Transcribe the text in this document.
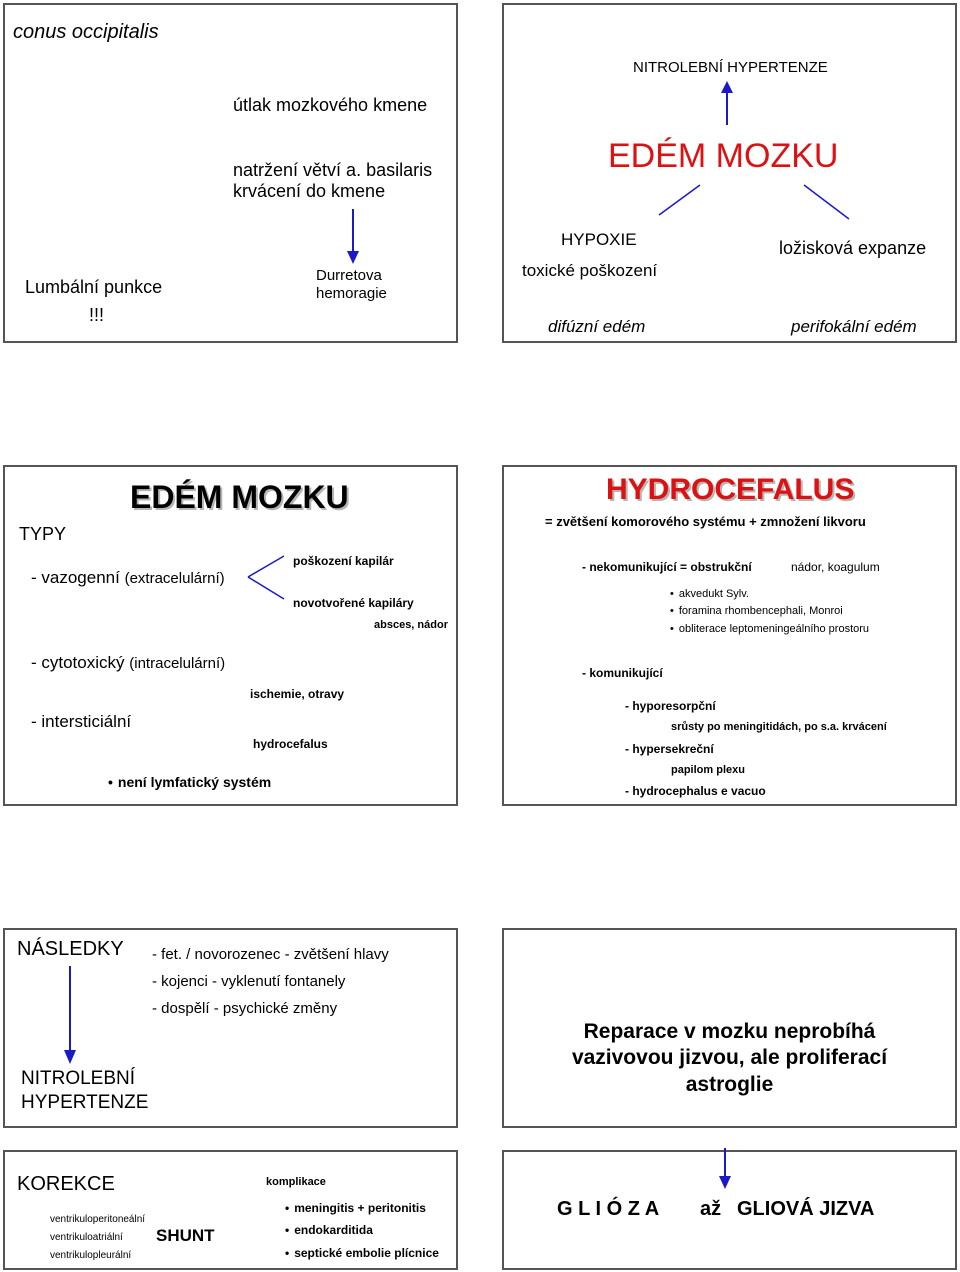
conus occipitalis
útlak mozkového kmene
natržení větví a. basilaris
krvácení do kmene
Lumbální punkce
!!!
Durretova
hemoragie
NITROLEBNÍ HYPERTENZE
EDÉM MOZKU
HYPOXIE
toxické poškození
ložisková expanze
difúzní edém	perifokální edém
EDÉM MOZKU
TYPY
- vazogenní (extracelulární)
poškození kapilár
novotvořené kapiláry
absces, nádor
- cytotoxický (intracelulární)
ischemie, otravy
- intersticiální
hydrocefalus
• není lymfatický systém
HYDROCEFALUS
= zvětšení komorového systému + zmnožení likvoru
- nekomunikující = obstrukční	nádor, koagulum
• akvedukt Sylv.
• foramina rhombencephali, Monroi
• obliterace leptomeningeálního prostoru
- komunikující
- hyporesorpční
srůsty po meningitidách, po s.a. krvácení
- hypersekreční
papilom plexu
- hydrocephalus e vacuo
NÁSLEDKY - fet. / novorozenec - zvětšení hlavy
- kojenci - vyklenutí fontanely
- dospělí - psychické změny
NITROLEBNÍ
HYPERTENZE
Reparace v mozku neprobíhá
vazivovou jizvou, ale proliferací
astroglie
KOREKCE
ventrikuloperitoneální
ventrikuloatriální
ventrikulopleurální
SHUNT
komplikace
• meningitis + peritonitis
• endokarditida
• septické embolie plícnice
G L I Ó Z A až GLIOVÁ JIZVA
